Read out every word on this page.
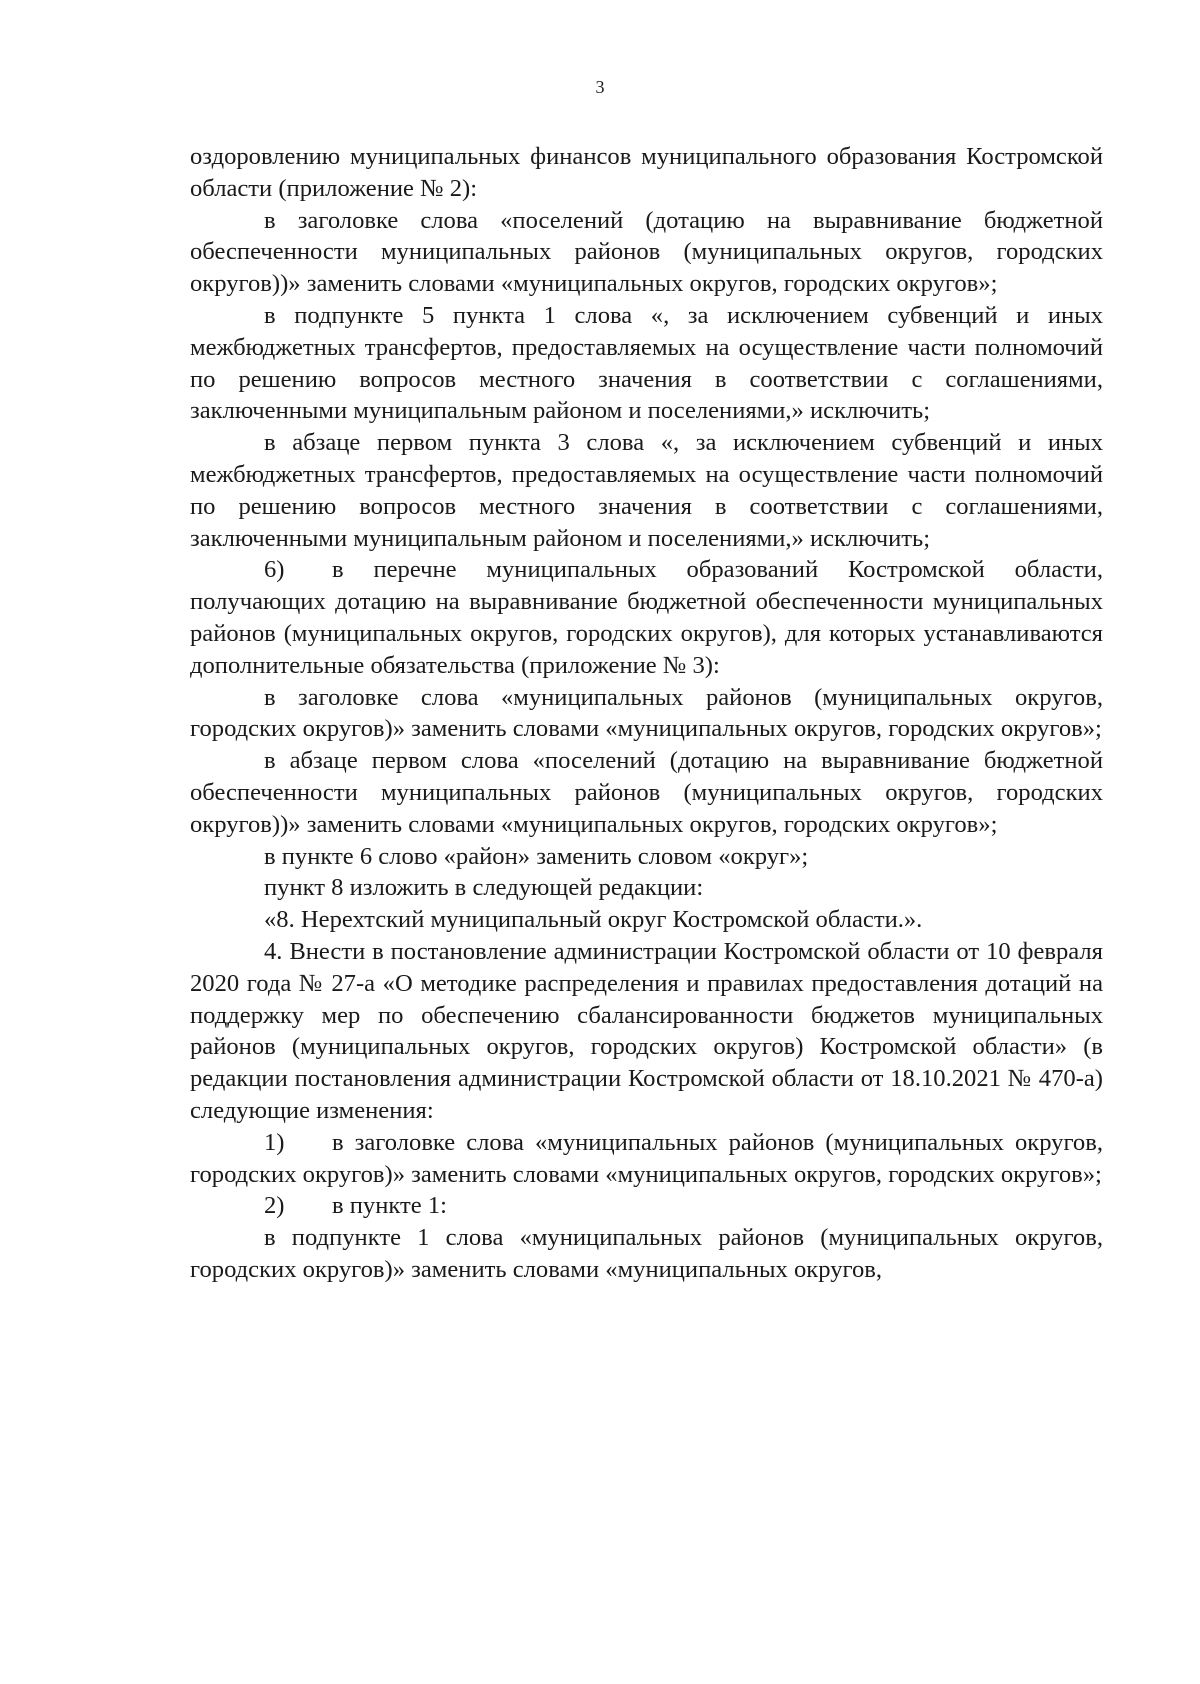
3

оздоровлению муниципальных финансов муниципального образования Костромской области (приложение № 2):

в заголовке слова «поселений (дотацию на выравнивание бюджетной обеспеченности муниципальных районов (муниципальных округов, городских округов))» заменить словами «муниципальных округов, городских округов»;

в подпункте 5 пункта 1 слова «, за исключением субвенций и иных межбюджетных трансфертов, предоставляемых на осуществление части полномочий по решению вопросов местного значения в соответствии с соглашениями, заключенными муниципальным районом и поселениями,» исключить;

в абзаце первом пункта 3 слова «, за исключением субвенций и иных межбюджетных трансфертов, предоставляемых на осуществление части полномочий по решению вопросов местного значения в соответствии с соглашениями, заключенными муниципальным районом и поселениями,» исключить;

6) в перечне муниципальных образований Костромской области, получающих дотацию на выравнивание бюджетной обеспеченности муниципальных районов (муниципальных округов, городских округов), для которых устанавливаются дополнительные обязательства (приложение № 3):

в заголовке слова «муниципальных районов (муниципальных округов, городских округов)» заменить словами «муниципальных округов, городских округов»;

в абзаце первом слова «поселений (дотацию на выравнивание бюджетной обеспеченности муниципальных районов (муниципальных округов, городских округов))» заменить словами «муниципальных округов, городских округов»;

в пункте 6 слово «район» заменить словом «округ»;

пункт 8 изложить в следующей редакции:

«8. Нерехтский муниципальный округ Костромской области.».

4. Внести в постановление администрации Костромской области от 10 февраля 2020 года № 27-а «О методике распределения и правилах предоставления дотаций на поддержку мер по обеспечению сбалансированности бюджетов муниципальных районов (муниципальных округов, городских округов) Костромской области» (в редакции постановления администрации Костромской области от 18.10.2021 № 470-а) следующие изменения:

1) в заголовке слова «муниципальных районов (муниципальных округов, городских округов)» заменить словами «муниципальных округов, городских округов»;

2) в пункте 1:

в подпункте 1 слова «муниципальных районов (муниципальных округов, городских округов)» заменить словами «муниципальных округов,
